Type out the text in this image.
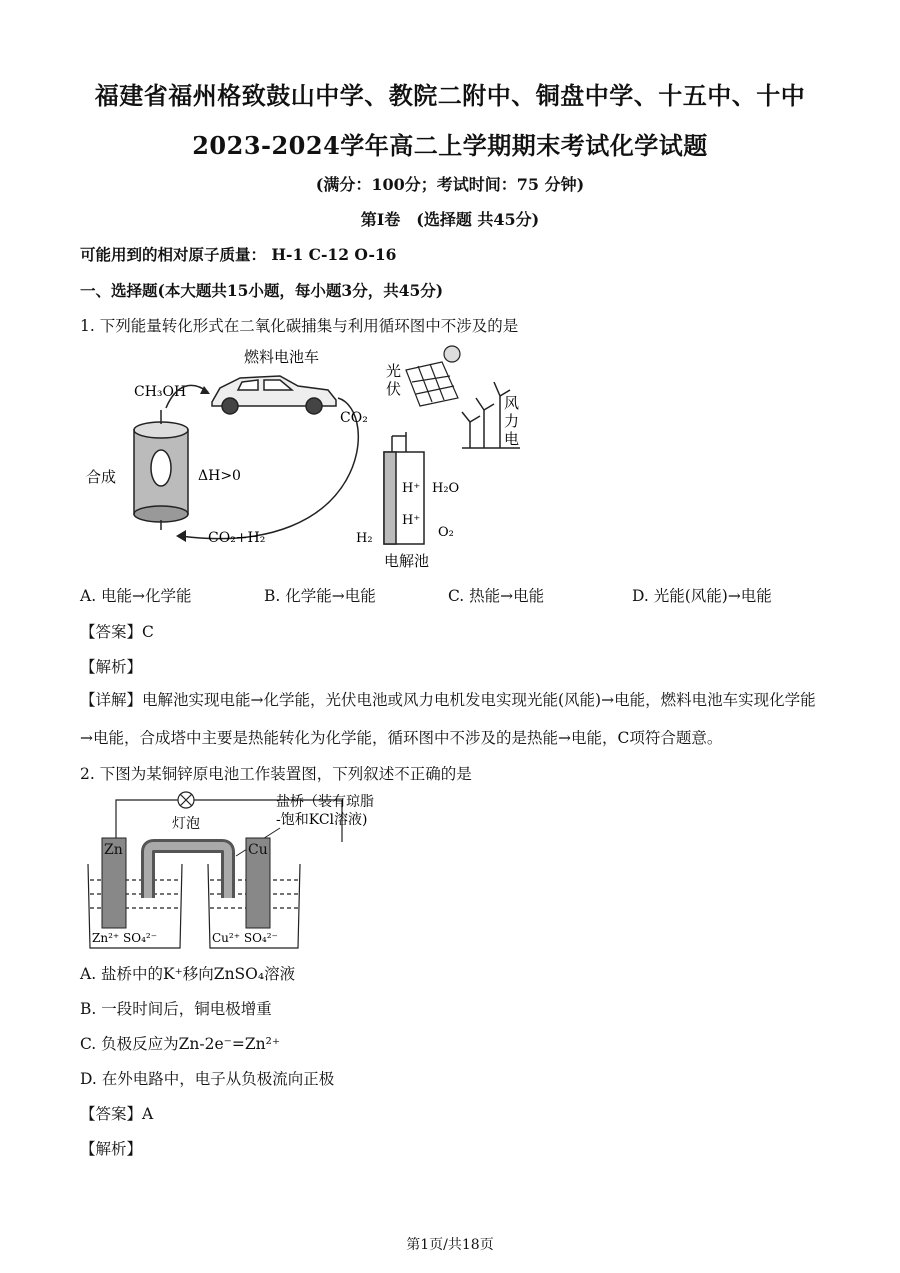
福建省福州格致鼓山中学、教院二附中、铜盘中学、十五中、十中
2023-2024学年高二上学期期末考试化学试题
(满分：100分；考试时间：75 分钟)
第Ⅰ卷　(选择题 共45分)
可能用到的相对原子质量： H-1 C-12 O-16
一、选择题(本大题共15小题，每小题3分，共45分)
1. 下列能量转化形式在二氧化碳捕集与利用循环图中不涉及的是
燃料电池车
CH₃OH
合成	ΔH>0
CO₂
CO₂+H₂
H⁺
H⁺
H₂O
O₂
H₂
电解池
光
伏
风
力
电
A. 电能→化学能	B. 化学能→电能	C. 热能→电能	D. 光能(风能)→电能
【答案】C
【解析】
【详解】电解池实现电能→化学能，光伏电池或风力电机发电实现光能(风能)→电能，燃料电池车实现化学能→电能，合成塔中主要是热能转化为化学能，循环图中不涉及的是热能→电能，C项符合题意。
2. 下图为某铜锌原电池工作装置图，下列叙述不正确的是
灯泡
盐桥（装有琼脂
-饱和KCl溶液)
Zn	Cu
Zn²⁺ SO₄²⁻	Cu²⁺ SO₄²⁻
A. 盐桥中的K⁺移向ZnSO₄溶液
B. 一段时间后，铜电极增重
C. 负极反应为Zn-2e⁻=Zn²⁺
D. 在外电路中，电子从负极流向正极
【答案】A
【解析】
第1页/共18页
